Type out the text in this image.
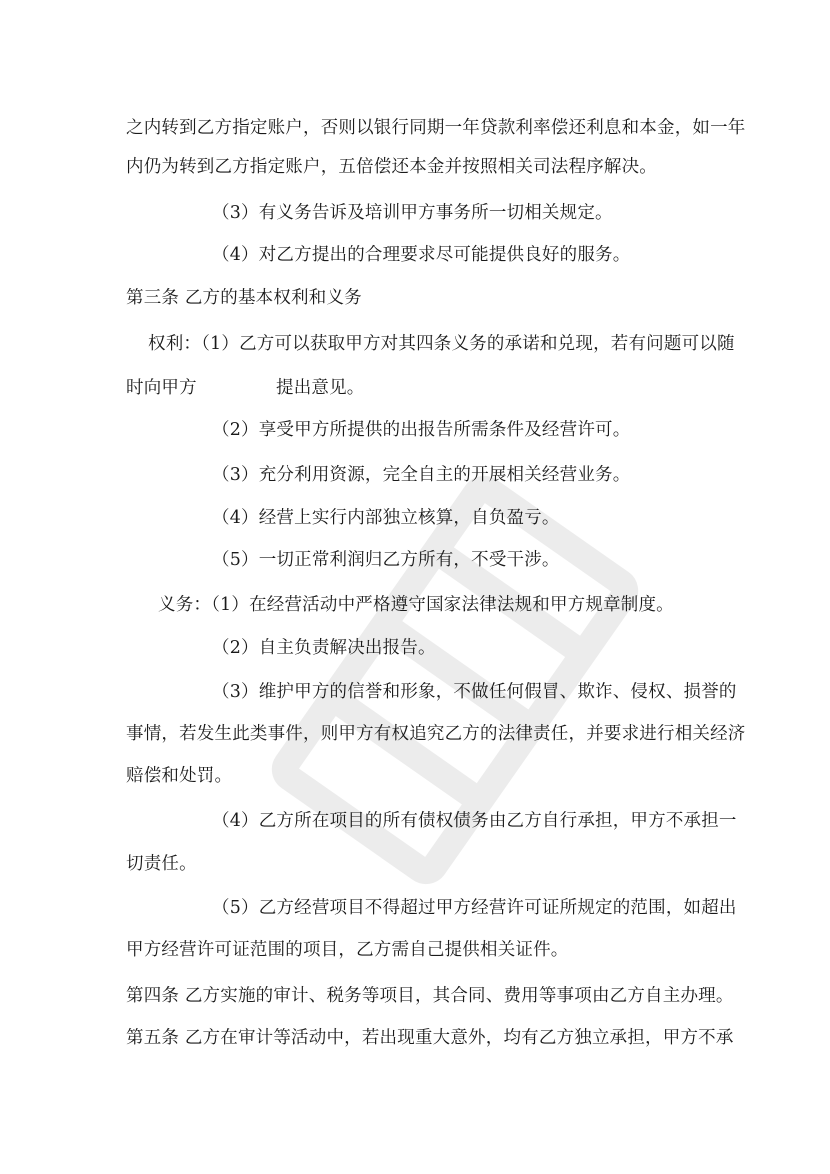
之内转到乙方指定账户，否则以银行同期一年贷款利率偿还利息和本金，如一年
内仍为转到乙方指定账户，五倍偿还本金并按照相关司法程序解决。
（3）有义务告诉及培训甲方事务所一切相关规定。
（4）对乙方提出的合理要求尽可能提供良好的服务。
第三条 乙方的基本权利和义务
权利：（1）乙方可以获取甲方对其四条义务的承诺和兑现，若有问题可以随
时向甲方	提出意见。
（2）享受甲方所提供的出报告所需条件及经营许可。
（3）充分利用资源，完全自主的开展相关经营业务。
（4）经营上实行内部独立核算，自负盈亏。
（5）一切正常利润归乙方所有，不受干涉。
义务：（1）在经营活动中严格遵守国家法律法规和甲方规章制度。
（2）自主负责解决出报告。
（3）维护甲方的信誉和形象，不做任何假冒、欺诈、侵权、损誉的
事情，若发生此类事件，则甲方有权追究乙方的法律责任，并要求进行相关经济
赔偿和处罚。
（4）乙方所在项目的所有债权债务由乙方自行承担，甲方不承担一
切责任。
（5）乙方经营项目不得超过甲方经营许可证所规定的范围，如超出
甲方经营许可证范围的项目，乙方需自己提供相关证件。
第四条 乙方实施的审计、税务等项目，其合同、费用等事项由乙方自主办理。
第五条 乙方在审计等活动中，若出现重大意外，均有乙方独立承担，甲方不承
